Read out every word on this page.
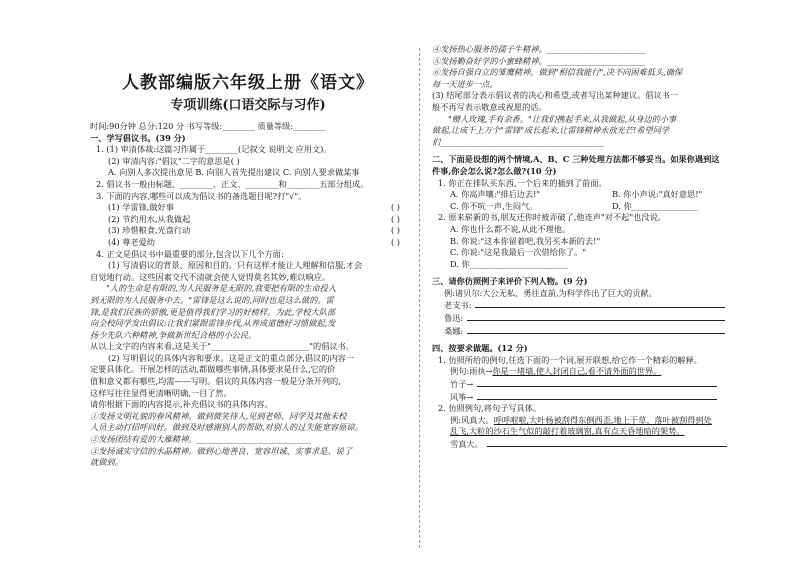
人教部编版六年级上册《语文》
专项训练(口语交际与习作)
时间:90分钟 总分:120 分 书写等级:________ 质量等级:________
一、学写倡议书。(39 分)
1. (1) 审清体裁:这篇习作属于________(记叙文 说明文 应用文)。
(2) 审清内容:"倡议"二字的意思是( )
A. 向别人多次提出意见 B. 向别人首先提出建议 C. 向别人要求做某事
2. 倡议书一般由标题、________、正文、________和________五部分组成。
3. 下面的内容,哪些可以成为倡议书的备选题目呢?打"√"。
(1) 学雷锋,做好事	( )
(2) 节约用水,从我做起	( )
(3) 珍惜粮食,光盘行动	( )
(4) 尊老爱幼	( )
4. 正文是倡议书中最重要的部分,包含以下几个方面:
(1) 写清倡议的背景、原因和目的。只有这样才能让人理解和信服,才会
自觉地行动。这些因素交代不清就会使人觉得莫名其妙,难以响应。
"人的生命是有限的,为人民服务是无限的,我要把有限的生命投入
到无限的为人民服务中去。"雷锋是这么说的,同时也是这么做的。雷
锋,是我们民族的骄傲,更是值得我们学习的好榜样。为此,学校大队部
向全校同学发出倡议:让我们紧跟雷锋步伐,从养成道德好习惯做起,发
扬少先队六种精神,争做新世纪合格的小公民。
从以上文字的内容来看,这是关于"________________________"的倡议书。
(2) 写明倡议的具体内容和要求。这是正文的重点部分,倡议的内容一
定要具体化。开展怎样的活动,都做哪些事情,具体要求是什么,它的价
值和意义都有哪些,均需——写明。倡议的具体内容一般是分条开列的,
这样写往往显得更清晰明确,一目了然。
请你根据下面的内容提示,补充倡议书的具体内容。
①发扬文明礼貌的春风精神。做到微笑待人,见到老师、同学及其他未校
人员主动打招呼问好。做到及时感谢别人的帮助,对别人的过失能宽容原谅。
②发扬团结有爱的大雁精神。____________________________
③发扬诚实守信的水晶精神。做到心地善良、宽容坦诚、实事求是、说了
就做到。
④发扬热心服务的孺子牛精神。________________________
⑤发扬勤奋好学的小蜜蜂精神。________________________
⑥发扬自强自立的雏鹰精神。做到"相信我能行",决不向困难低头,确保
每一天进步一点。
(3) 结尾部分表示倡议者的决心和希望,或者写出某种建议。倡议书一
般不再写表示敬意或祝愿的话。
"赠人玫瑰,手有余香。"让我们携起手来,从我做起,从身边的小事
做起,让成千上万个"雷锋"成长起来,让雷锋精神永放光芒!希望同学
们________________________________________
二、下面是设想的两个情境,A、B、C 三种处理方法都不够妥当。如果你遇到这
件事,你会怎么说?怎么做?(10 分)
1. 你正在排队买东西,一个后来的插到了前面。
A. 你高声嚷:"排后边去!"	B. 你小声说:"真好意思!"
C. 你不吭一声,生闷气。	D. 你________________
2. 原来崭新的书,朋友还你时被弄破了,他连声"对不起"也没说。
A. 你也什么都不说,从此不理他。
B. 你说:"这本你留着吧,我另买本新的去!"
C. 你说:"这是我最后一次借给你了。"
D. 你________________________
三、请你仿照例子来评价下列人物。(9 分)
例:诸贝尔:大公无私、勇往直前,为科学作出了巨大的贡献。
老支书:
鲁迅:
桑娜:
四、按要求做题。(12 分)
1. 仿照所给的例句,任选下面的一个词,展开联想,给它作一个精彩的解释。
例句:雨执→你是一堵墙,使人封闭自己,看不清外面的世界。
竹子→
风筝→
2. 仿照例句,将句子写具体。
例:风真大。呼呼啦啦,大叶杨被刮得东倒西歪,地上干草、落叶被刮得到处
乱飞,大粒的沙石生气似的敲打着玻璃窗,真有点天昏地暗的架势。
雪真大。
